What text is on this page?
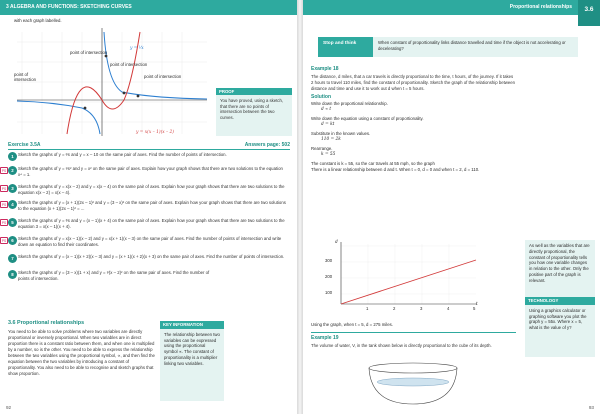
3 ALGEBRA AND FUNCTIONS: SKETCHING CURVES
with each graph labelled.
point of intersection
point of intersection
point of intersection
point of intersection
y = ¹⁄x
y = x(x – 1)(x – 2)
PROOF
You have proved, using a sketch, that there are no points of intersection between the two curves.
Exercise 3.5A	Answers page: 502
1 Sketch the graphs of y = ²⁄x and y = x – 10 on the same pair of axes. Find the number of points of intersection.
PS	2 Sketch the graphs of y = ¹⁄x² and y = x² on the same pair of axes. Explain how your graph shows that there are two solutions to the equation x⁴ = 1.
PS	3 Sketch the graphs of y = x(x – 2) and y = x(x – 4) on the same pair of axes. Explain how your graph shows that there are two solutions to the equation x(x – 2) = x(x – 4).
PS	4 Sketch the graphs of y = (x + 1)(2x – 1)² and y = (3 – x)² on the same pair of axes. Explain how your graph shows that there are two solutions to the equation (x + 1)(2x – 1)² = ...
PS	5 Sketch the graphs of y = ³⁄x and y = (x – 1)(x + 4) on the same pair of axes. Explain how your graph shows that there are two solutions to the equation 3 = x(x – 1)(x + 4).
PS	6 Sketch the graphs of y = x(x – 1)(x – 2) and y = x(x + 1)(x – 3) on the same pair of axes. Find the number of points of intersection and write down an equation to find their coordinates.
7 Sketch the graphs of y = (x – 1)(x + 2)(x – 3) and y = (x + 1)(x + 2)(x + 3) on the same pair of axes. Find the number of points of intersection.
8 Sketch the graphs of y = (3 – x)(1 + x) and y = ¹⁄(x – 2)² on the same pair of axes. Find the number of points of intersection.
3.6 Proportional relationships
You need to be able to solve problems where two variables are directly proportional or inversely proportional. When two variables are in direct proportion there is a constant ratio between them, and when one is multiplied by a number, so is the other. You need to be able to express the relationship between the two variables using the proportional symbol, ∝, and then find the equation between the two variables by introducing a constant of proportionality. You also need to be able to recognise and sketch graphs that show proportion.
KEY INFORMATION
The relationship between two variables can be expressed using the proportional symbol ∝. The constant of proportionality is a multiplier linking two variables.
92
Proportional relationships	3.6
Stop and think	When constant of proportionality links distance travelled and time if the object is not accelerating or decelerating?
Example 18
The distance, d miles, that a car travels is directly proportional to the time, t hours, of the journey. If it takes 2 hours to travel 110 miles, find the constant of proportionality. Sketch the graph of the relationship between distance and time and use it to work out d when t = 5 hours.
Solution
Write down the proportional relationship.
d ∝ t
Write down the equation using a constant of proportionality.
d = kt
Substitute in the known values.
110 = 2k
Rearrange.
k = 55
The constant is k = 55, so the car travels at 55 mph, so the graph
There is a linear relationship between d and t. When t = 0, d = 0 and when t = 2, d = 110.
d
t
300
200
100
1	2	3	4	5
Using the graph, when t = 5, d = 275 miles.
As well as the variables that are directly proportional, the constant of proportionality tells you how one variable changes in relation to the other. Only the positive part of the graph is relevant.
TECHNOLOGY
Using a graphics calculator or graphing software you plot the graph y = 55x. Where x = 5, what is the value of y?
Example 19
The volume of water, V, in the tank shown below is directly proportional to the cube of its depth.
93
